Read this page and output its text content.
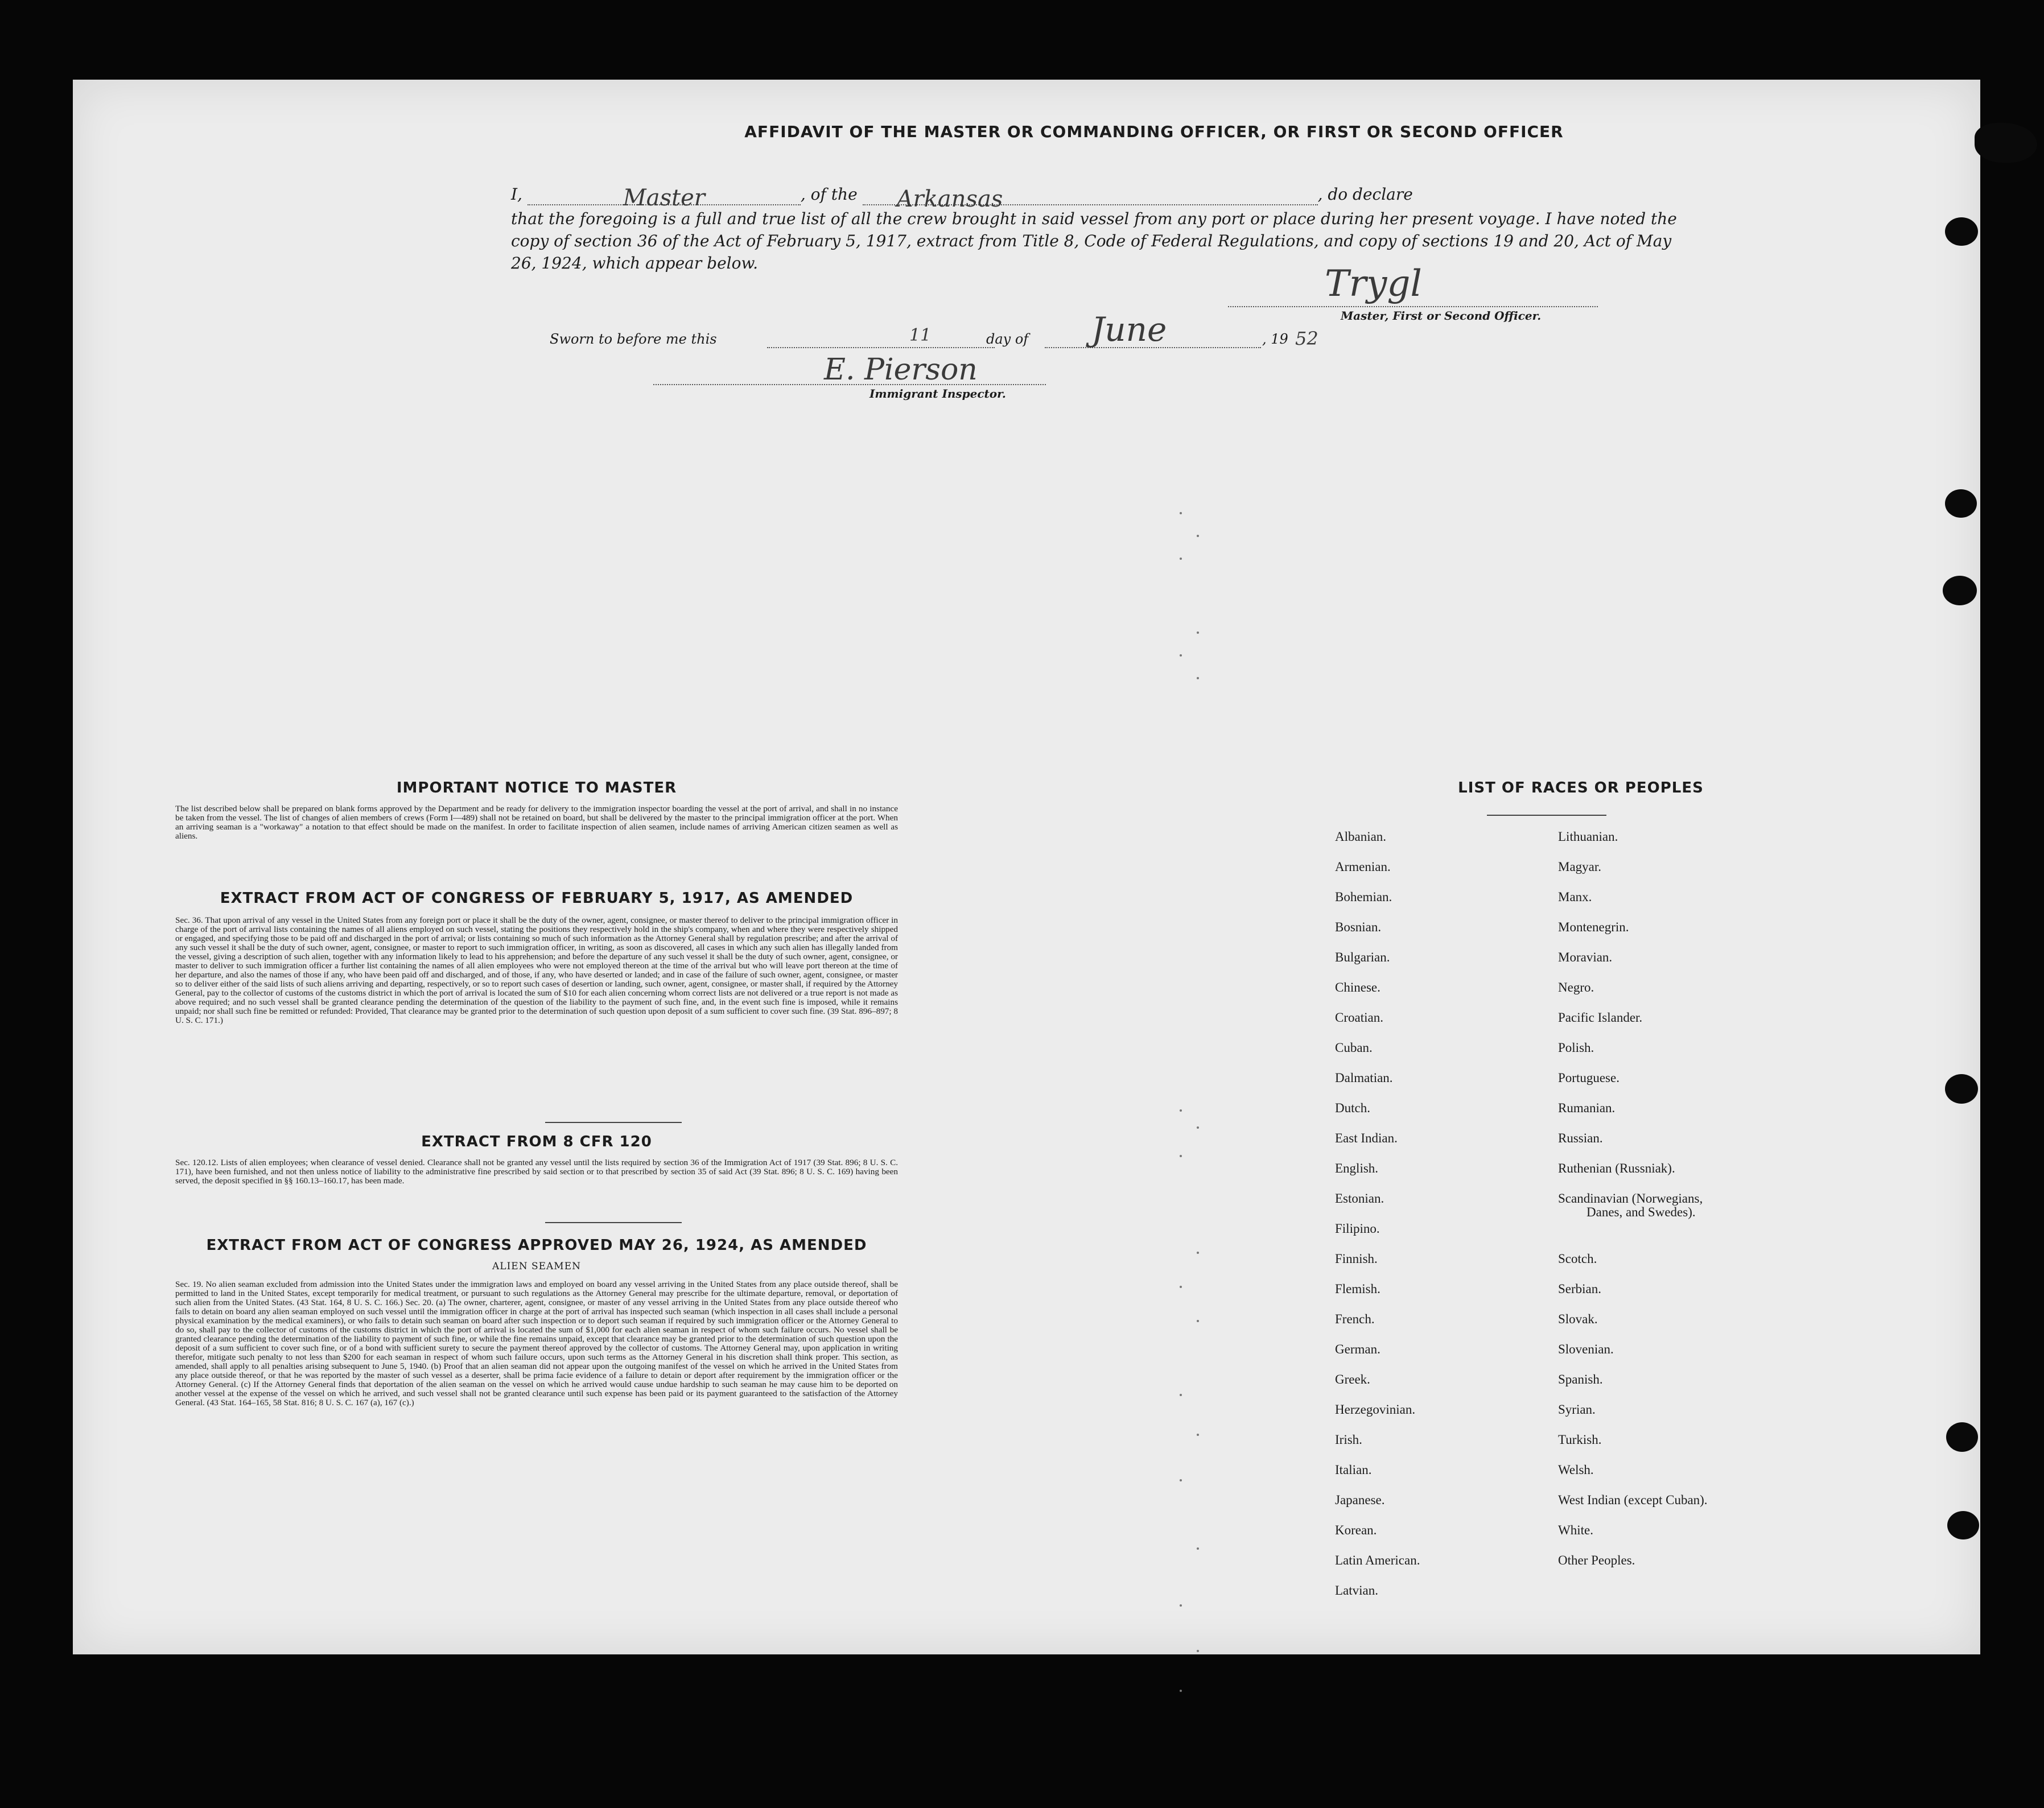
AFFIDAVIT OF THE MASTER OR COMMANDING OFFICER, OR FIRST OR SECOND OFFICER
I,	Master	, of the Arkansas	, do declare
that the foregoing is a full and true list of all the crew brought in said vessel from any port or place during her present voyage. I have noted the copy of section 36 of the Act of February 5, 1917, extract from Title 8, Code of Federal Regulations, and copy of sections 19 and 20, Act of May 26, 1924, which appear below.	Trygl
Master, First or Second Officer.
Sworn to before me this	11	day of June	, 19 52
E. Pierson
Immigrant Inspector.
IMPORTANT NOTICE TO MASTER
The list described below shall be prepared on blank forms approved by the Department and be ready for delivery to the immigration inspector boarding the vessel at the port of arrival, and shall in no instance be taken from the vessel. The list of changes of alien members of crews (Form I—489) shall not be retained on board, but shall be delivered by the master to the principal immigration officer at the port. When an arriving seaman is a "workaway" a notation to that effect should be made on the manifest. In order to facilitate inspection of alien seamen, include names of arriving American citizen seamen as well as aliens.
EXTRACT FROM ACT OF CONGRESS OF FEBRUARY 5, 1917, AS AMENDED
Sec. 36. That upon arrival of any vessel in the United States from any foreign port or place it shall be the duty of the owner, agent, consignee, or master thereof to deliver to the principal immigration officer in charge of the port of arrival lists containing the names of all aliens employed on such vessel, stating the positions they respectively hold in the ship's company, when and where they were respectively shipped or engaged, and specifying those to be paid off and discharged in the port of arrival; or lists containing so much of such information as the Attorney General shall by regulation prescribe; and after the arrival of any such vessel it shall be the duty of such owner, agent, consignee, or master to report to such immigration officer, in writing, as soon as discovered, all cases in which any such alien has illegally landed from the vessel, giving a description of such alien, together with any information likely to lead to his apprehension; and before the departure of any such vessel it shall be the duty of such owner, agent, consignee, or master to deliver to such immigration officer a further list containing the names of all alien employees who were not employed thereon at the time of the arrival but who will leave port thereon at the time of her departure, and also the names of those if any, who have been paid off and discharged, and of those, if any, who have deserted or landed; and in case of the failure of such owner, agent, consignee, or master so to deliver either of the said lists of such aliens arriving and departing, respectively, or so to report such cases of desertion or landing, such owner, agent, consignee, or master shall, if required by the Attorney General, pay to the collector of customs of the customs district in which the port of arrival is located the sum of $10 for each alien concerning whom correct lists are not delivered or a true report is not made as above required; and no such vessel shall be granted clearance pending the determination of the question of the liability to the payment of such fine, and, in the event such fine is imposed, while it remains unpaid; nor shall such fine be remitted or refunded: Provided, That clearance may be granted prior to the determination of such question upon deposit of a sum sufficient to cover such fine. (39 Stat. 896–897; 8 U. S. C. 171.)
EXTRACT FROM 8 CFR 120
Sec. 120.12. Lists of alien employees; when clearance of vessel denied. Clearance shall not be granted any vessel until the lists required by section 36 of the Immigration Act of 1917 (39 Stat. 896; 8 U. S. C. 171), have been furnished, and not then unless notice of liability to the administrative fine prescribed by said section or to that prescribed by section 35 of said Act (39 Stat. 896; 8 U. S. C. 169) having been served, the deposit specified in §§ 160.13–160.17, has been made.
EXTRACT FROM ACT OF CONGRESS APPROVED MAY 26, 1924, AS AMENDED
ALIEN SEAMEN
Sec. 19. No alien seaman excluded from admission into the United States under the immigration laws and employed on board any vessel arriving in the United States from any place outside thereof, shall be permitted to land in the United States, except temporarily for medical treatment, or pursuant to such regulations as the Attorney General may prescribe for the ultimate departure, removal, or deportation of such alien from the United States. (43 Stat. 164, 8 U. S. C. 166.) Sec. 20. (a) The owner, charterer, agent, consignee, or master of any vessel arriving in the United States from any place outside thereof who fails to detain on board any alien seaman employed on such vessel until the immigration officer in charge at the port of arrival has inspected such seaman (which inspection in all cases shall include a personal physical examination by the medical examiners), or who fails to detain such seaman on board after such inspection or to deport such seaman if required by such immigration officer or the Attorney General to do so, shall pay to the collector of customs of the customs district in which the port of arrival is located the sum of $1,000 for each alien seaman in respect of whom such failure occurs. No vessel shall be granted clearance pending the determination of the liability to payment of such fine, or while the fine remains unpaid, except that clearance may be granted prior to the determination of such question upon the deposit of a sum sufficient to cover such fine, or of a bond with sufficient surety to secure the payment thereof approved by the collector of customs. The Attorney General may, upon application in writing therefor, mitigate such penalty to not less than $200 for each seaman in respect of whom such failure occurs, upon such terms as the Attorney General in his discretion shall think proper. This section, as amended, shall apply to all penalties arising subsequent to June 5, 1940. (b) Proof that an alien seaman did not appear upon the outgoing manifest of the vessel on which he arrived in the United States from any place outside thereof, or that he was reported by the master of such vessel as a deserter, shall be prima facie evidence of a failure to detain or deport after requirement by the immigration officer or the Attorney General. (c) If the Attorney General finds that deportation of the alien seaman on the vessel on which he arrived would cause undue hardship to such seaman he may cause him to be deported on another vessel at the expense of the vessel on which he arrived, and such vessel shall not be granted clearance until such expense has been paid or its payment guaranteed to the satisfaction of the Attorney General. (43 Stat. 164–165, 58 Stat. 816; 8 U. S. C. 167 (a), 167 (c).)
LIST OF RACES OR PEOPLES
Albanian.
Armenian.
Bohemian.
Bosnian.
Bulgarian.
Chinese.
Croatian.
Cuban.
Dalmatian.
Dutch.
East Indian.
English.
Estonian.
Filipino.
Finnish.
Flemish.
French.
German.
Greek.
Herzegovinian.
Irish.
Italian.
Japanese.
Korean.
Latin American.
Latvian.
Lithuanian.
Magyar.
Manx.
Montenegrin.
Moravian.
Negro.
Pacific Islander.
Polish.
Portuguese.
Rumanian.
Russian.
Ruthenian (Russniak).
Scandinavian (Norwegians,
Danes, and Swedes).
Scotch.
Serbian.
Slovak.
Slovenian.
Spanish.
Syrian.
Turkish.
Welsh.
West Indian (except Cuban).
White.
Other Peoples.
